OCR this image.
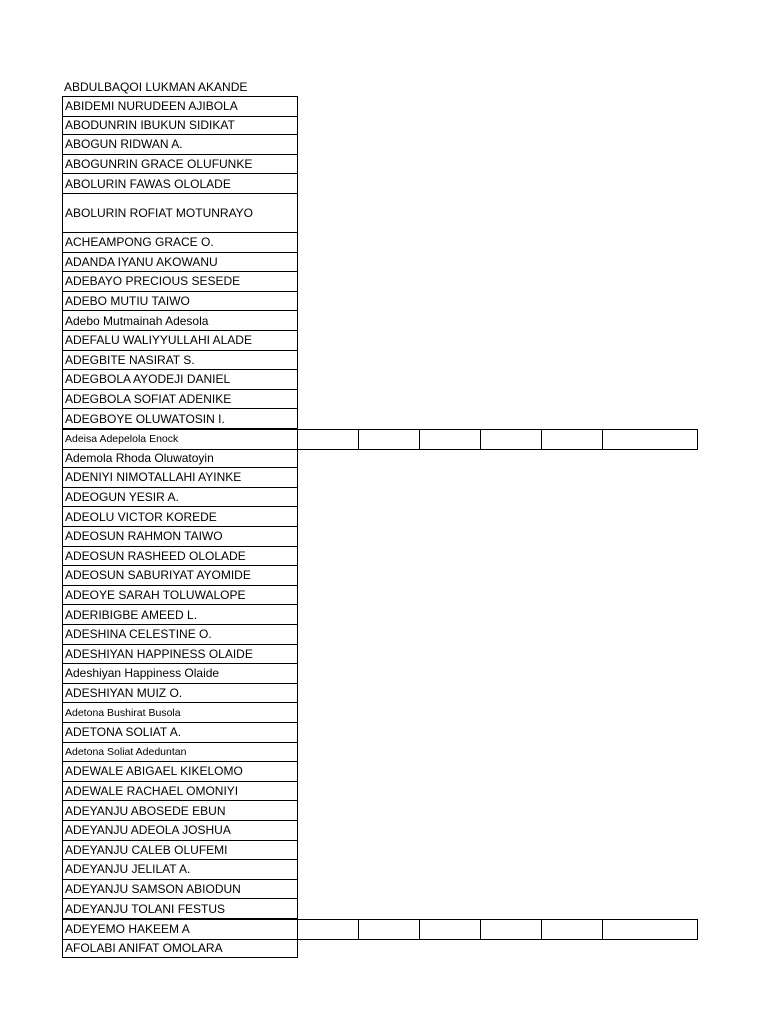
ABDULBAQOI LUKMAN AKANDE
ABIDEMI NURUDEEN AJIBOLA
ABODUNRIN IBUKUN SIDIKAT
ABOGUN RIDWAN A.
ABOGUNRIN GRACE OLUFUNKE
ABOLURIN FAWAS OLOLADE
ABOLURIN ROFIAT MOTUNRAYO
ACHEAMPONG GRACE O.
ADANDA IYANU AKOWANU
ADEBAYO PRECIOUS SESEDE
ADEBO MUTIU TAIWO
Adebo Mutmainah Adesola
ADEFALU WALIYYULLAHI ALADE
ADEGBITE NASIRAT S.
ADEGBOLA AYODEJI DANIEL
ADEGBOLA SOFIAT ADENIKE
ADEGBOYE OLUWATOSIN I.
Adeisa Adepelola Enock
Ademola Rhoda Oluwatoyin
ADENIYI NIMOTALLAHI AYINKE
ADEOGUN YESIR A.
ADEOLU VICTOR KOREDE
ADEOSUN RAHMON TAIWO
ADEOSUN RASHEED OLOLADE
ADEOSUN SABURIYAT AYOMIDE
ADEOYE SARAH TOLUWALOPE
ADERIBIGBE AMEED L.
ADESHINA CELESTINE O.
ADESHIYAN HAPPINESS OLAIDE
Adeshiyan Happiness Olaide
ADESHIYAN MUIZ O.
Adetona Bushirat Busola
ADETONA SOLIAT A.
Adetona Soliat Adeduntan
ADEWALE ABIGAEL KIKELOMO
ADEWALE RACHAEL OMONIYI
ADEYANJU ABOSEDE EBUN
ADEYANJU ADEOLA JOSHUA
ADEYANJU CALEB OLUFEMI
ADEYANJU JELILAT A.
ADEYANJU SAMSON ABIODUN
ADEYANJU TOLANI FESTUS
ADEYEMO HAKEEM A
AFOLABI ANIFAT OMOLARA
